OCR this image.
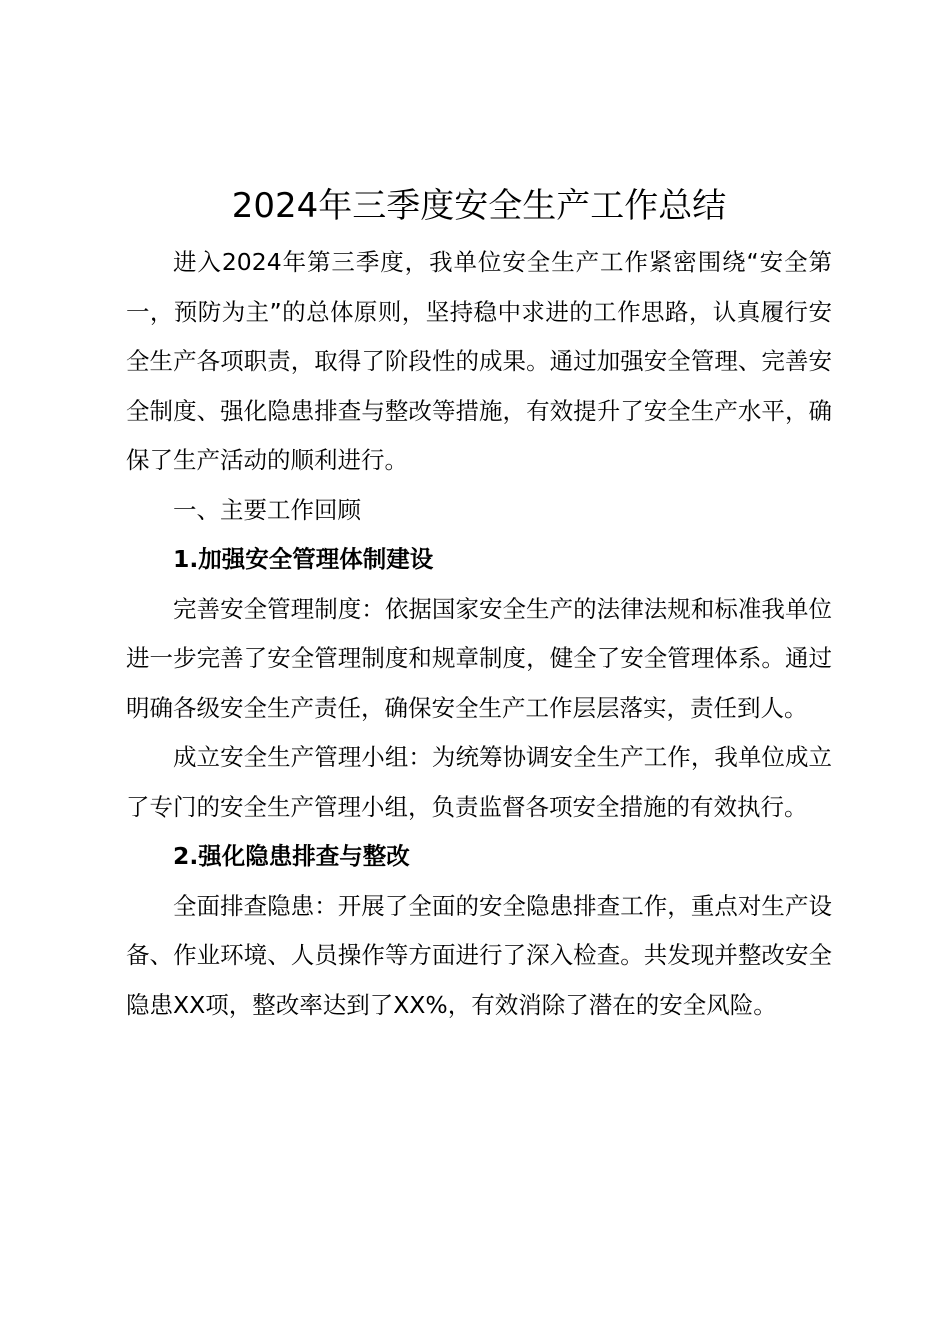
2024年三季度安全生产工作总结

进入2024年第三季度，我单位安全生产工作紧密围绕“安全第一，预防为主”的总体原则，坚持稳中求进的工作思路，认真履行安全生产各项职责，取得了阶段性的成果。通过加强安全管理、完善安全制度、强化隐患排查与整改等措施，有效提升了安全生产水平，确保了生产活动的顺利进行。

一、主要工作回顾

1.加强安全管理体制建设

完善安全管理制度：依据国家安全生产的法律法规和标准我单位进一步完善了安全管理制度和规章制度，健全了安全管理体系。通过明确各级安全生产责任，确保安全生产工作层层落实，责任到人。

成立安全生产管理小组：为统筹协调安全生产工作，我单位成立了专门的安全生产管理小组，负责监督各项安全措施的有效执行。

2.强化隐患排查与整改

全面排查隐患：开展了全面的安全隐患排查工作，重点对生产设备、作业环境、人员操作等方面进行了深入检查。共发现并整改安全隐患XX项，整改率达到了XX%，有效消除了潜在的安全风险。
